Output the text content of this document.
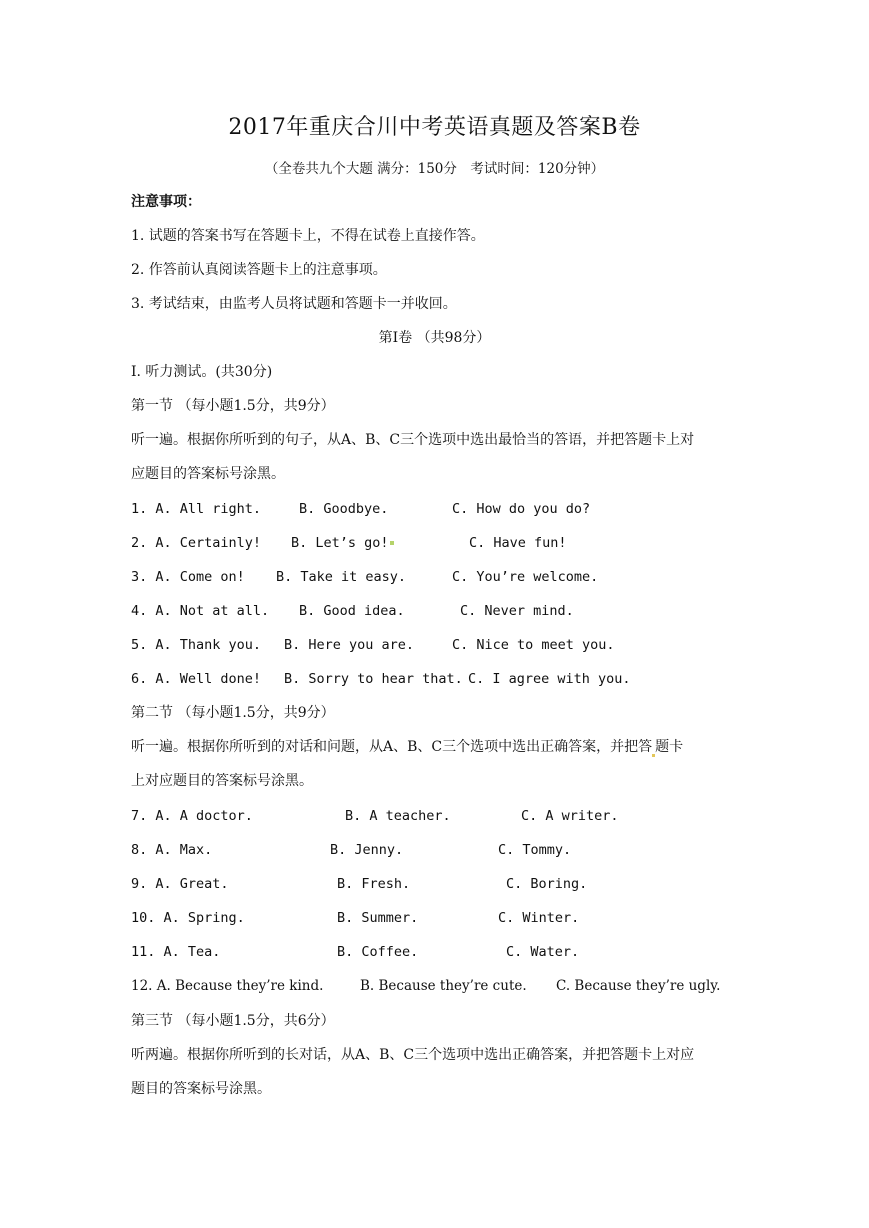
2017年重庆合川中考英语真题及答案B卷
（全卷共九个大题 满分：150分　考试时间：120分钟）
注意事项：
1. 试题的答案书写在答题卡上，不得在试卷上直接作答。
2. 作答前认真阅读答题卡上的注意事项。
3. 考试结束，由监考人员将试题和答题卡一并收回。
第Ⅰ卷 （共98分）
Ⅰ. 听力测试。(共30分)
第一节 （每小题1.5分，共9分）
听一遍。根据你所听到的句子，从A、B、C三个选项中选出最恰当的答语，并把答题卡上对
应题目的答案标号涂黑。
1. A. All right.	B. Goodbye.	C. How do you do?
2. A. Certainly! B. Let’s go!	C. Have fun!
3. A. Come on! B. Take it easy.	C. You’re welcome.
4. A. Not at all. B. Good idea.	C. Never mind.
5. A. Thank you. B. Here you are.	C. Nice to meet you.
6. A. Well done! B. Sorry to hear that. C. I agree with you.
第二节 （每小题1.5分，共9分）
听一遍。根据你所听到的对话和问题，从A、B、C三个选项中选出正确答案，并把答 题卡
上对应题目的答案标号涂黑。
7. A. A doctor.	B. A teacher.	C. A writer.
8. A. Max.	B. Jenny.	C. Tommy.
9. A. Great.	B. Fresh.	C. Boring.
10. A. Spring.	B. Summer.	C. Winter.
11. A. Tea.	B. Coffee.	C. Water.
12. A. Because they’re kind.	B. Because they’re cute. C. Because they’re ugly.
第三节 （每小题1.5分，共6分）
听两遍。根据你所听到的长对话，从A、B、C三个选项中选出正确答案，并把答题卡上对应
题目的答案标号涂黑。
